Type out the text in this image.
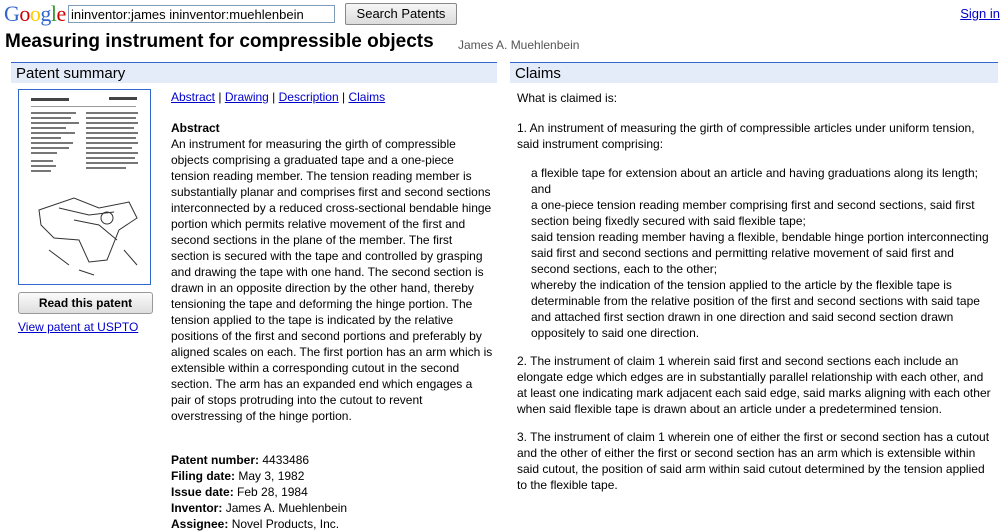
Google
ininventor:james ininventor:muehlenbein	Search Patents	Sign in
Measuring instrument for compressible objects James A. Muehlenbein
Patent summary	Claims
Read this patent
View patent at USPTO
Abstract | Drawing | Description | Claims
Abstract
An instrument for measuring the girth of compressible objects comprising a graduated tape and a one-piece tension reading member. The tension reading member is substantially planar and comprises first and second sections interconnected by a reduced cross-sectional bendable hinge portion which permits relative movement of the first and second sections in the plane of the member. The first section is secured with the tape and controlled by grasping and drawing the tape with one hand. The second section is drawn in an opposite direction by the other hand, thereby tensioning the tape and deforming the hinge portion. The tension applied to the tape is indicated by the relative positions of the first and second portions and preferably by aligned scales on each. The first portion has an arm which is extensible within a corresponding cutout in the second section. The arm has an expanded end which engages a pair of stops protruding into the cutout to revent overstressing of the hinge portion.
Patent number: 4433486
Filing date: May 3, 1982
Issue date: Feb 28, 1984
Inventor: James A. Muehlenbein
Assignee: Novel Products, Inc.

What is claimed is:

1. An instrument of measuring the girth of compressible articles under uniform tension, said instrument comprising:

a flexible tape for extension about an article and having graduations along its length; and

a one-piece tension reading member comprising first and second sections, said first section being fixedly secured with said flexible tape;

said tension reading member having a flexible, bendable hinge portion interconnecting said first and second sections and permitting relative movement of said first and second sections, each to the other;

whereby the indication of the tension applied to the article by the flexible tape is determinable from the relative position of the first and second sections with said tape and attached first section drawn in one direction and said second section drawn oppositely to said one direction.

2. The instrument of claim 1 wherein said first and second sections each include an elongate edge which edges are in substantially parallel relationship with each other, and at least one indicating mark adjacent each said edge, said marks aligning with each other when said flexible tape is drawn about an article under a predetermined tension.

3. The instrument of claim 1 wherein one of either the first or second section has a cutout and the other of either the first or second section has an arm which is extensible within said cutout, the position of said arm within said cutout determined by the tension applied to the flexible tape.
